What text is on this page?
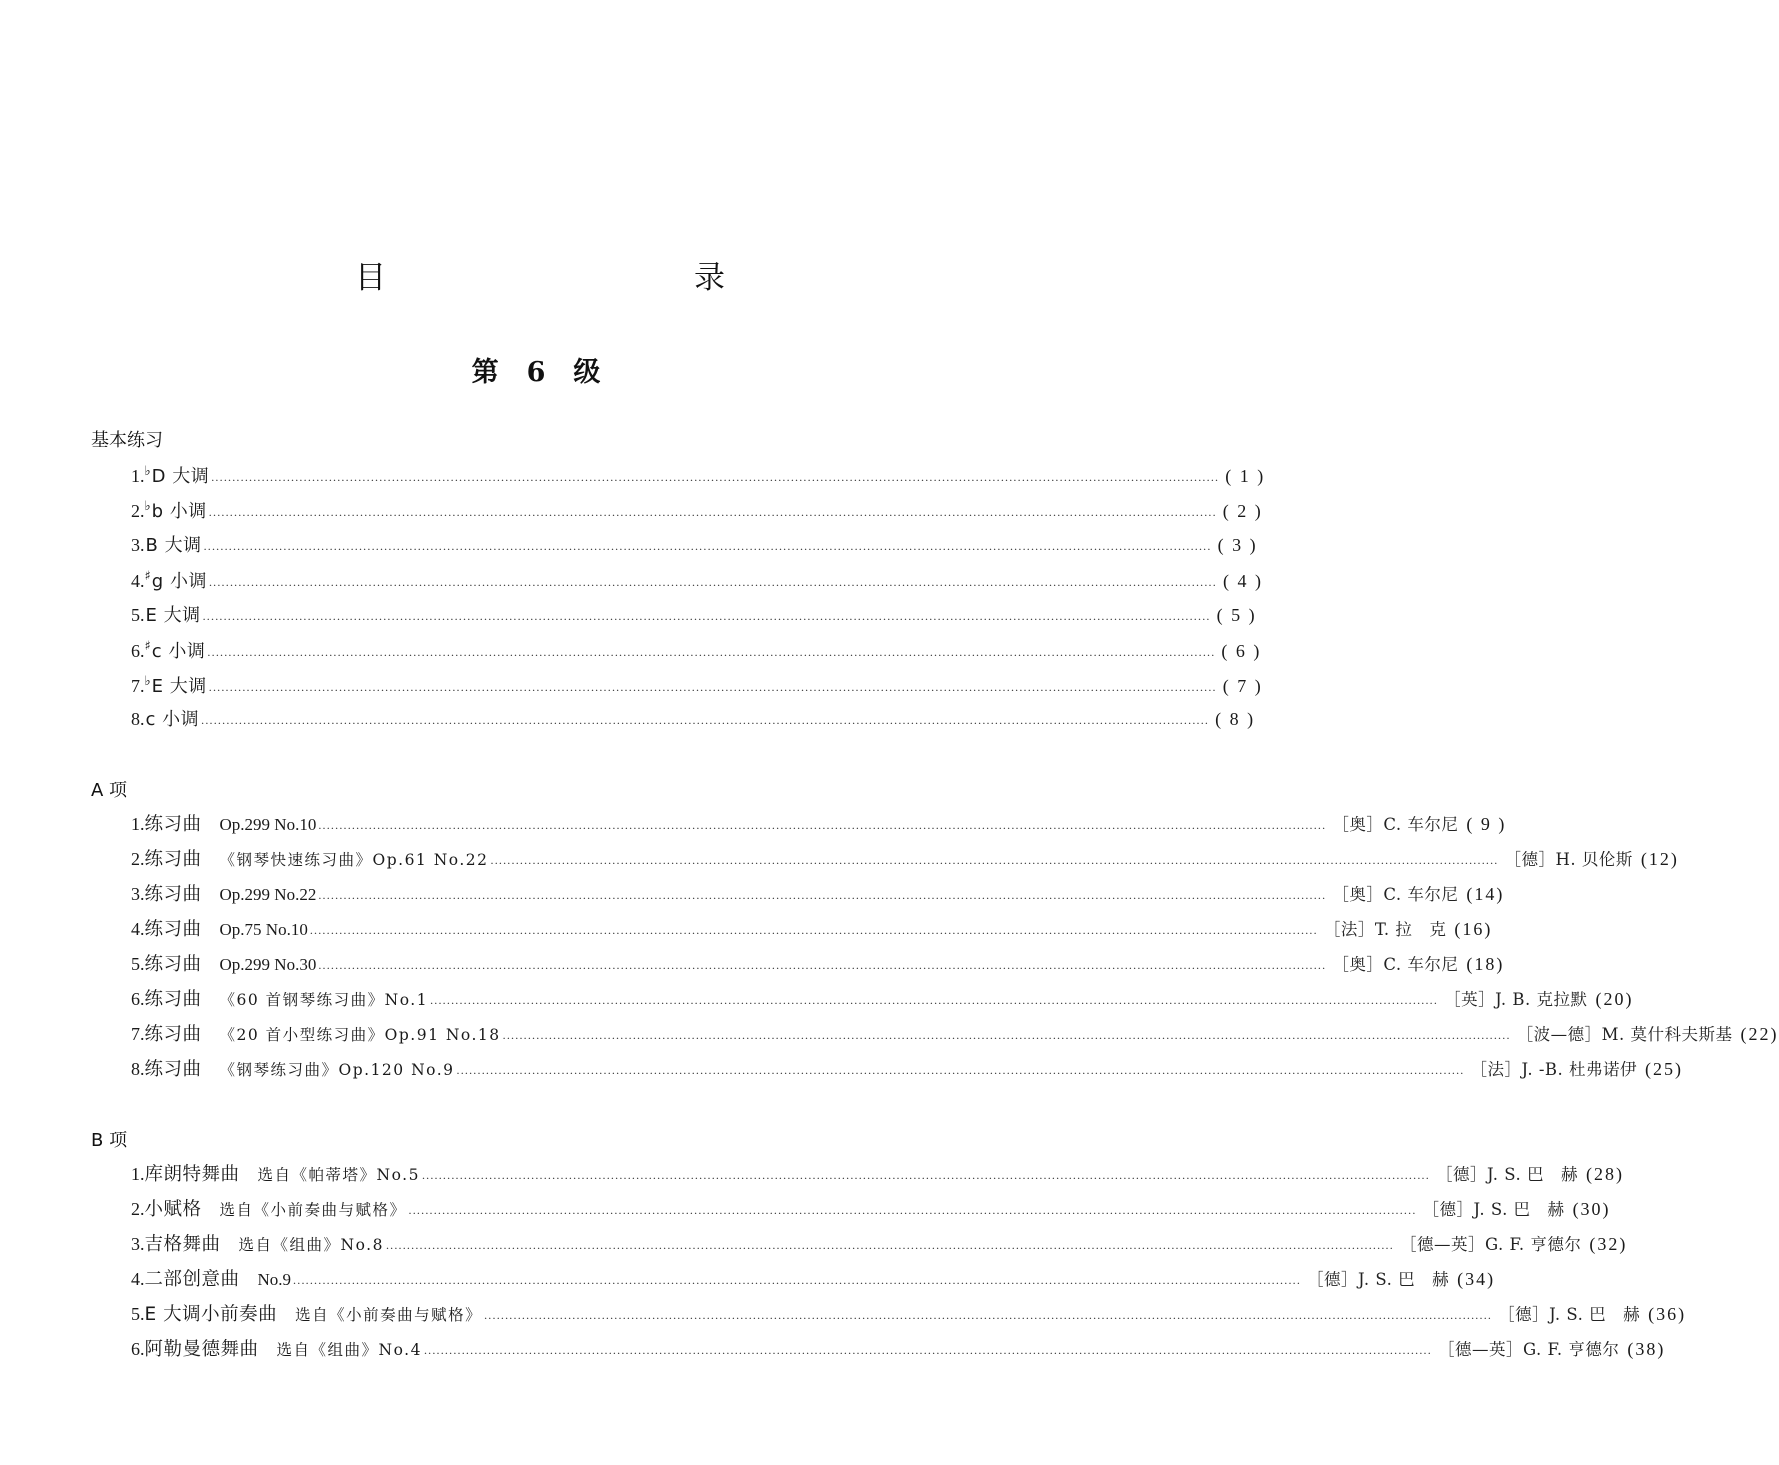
目　　录
第 6 级
基本练习
1. ♭ D 大调 ................................................................................................................................................................................................................................................ ( 1 )
2. ♭ b 小调 ................................................................................................................................................................................................................................................ ( 2 )
3. B 大调 ................................................................................................................................................................................................................................................ ( 3 )
4. ♯ g 小调 ................................................................................................................................................................................................................................................ ( 4 )
5. E 大调 ................................................................................................................................................................................................................................................ ( 5 )
6. ♯ c 小调 ................................................................................................................................................................................................................................................ ( 6 )
7. ♭ E 大调 ................................................................................................................................................................................................................................................ ( 7 )
8. c 小调 ................................................................................................................................................................................................................................................ ( 8 )
A 项
1. 练习曲 Op.299 No.10 ................................................................................................................................................................................................................................................ ［奥］C. 车尔尼 ( 9 )
2. 练习曲 《钢琴快速练习曲》Op.61 No.22 ................................................................................................................................................................................................................................................ ［德］H. 贝伦斯 (12)
3. 练习曲 Op.299 No.22 ................................................................................................................................................................................................................................................ ［奥］C. 车尔尼 (14)
4. 练习曲 Op.75 No.10 ................................................................................................................................................................................................................................................ ［法］T. 拉　克 (16)
5. 练习曲 Op.299 No.30 ................................................................................................................................................................................................................................................ ［奥］C. 车尔尼 (18)
6. 练习曲 《60 首钢琴练习曲》No.1 ................................................................................................................................................................................................................................................ ［英］J. B. 克拉默 (20)
7. 练习曲 《20 首小型练习曲》Op.91 No.18 ................................................................................................................................................................................................................................................ ［波—德］M. 莫什科夫斯基 (22)
8. 练习曲 《钢琴练习曲》Op.120 No.9 ................................................................................................................................................................................................................................................ ［法］J. -B. 杜弗诺伊 (25)
B 项
1. 库朗特舞曲 选自《帕蒂塔》No.5 ................................................................................................................................................................................................................................................ ［德］J. S. 巴　赫 (28)
2. 小赋格 选自《小前奏曲与赋格》 ................................................................................................................................................................................................................................................ ［德］J. S. 巴　赫 (30)
3. 吉格舞曲 选自《组曲》No.8 ................................................................................................................................................................................................................................................ ［德—英］G. F. 亨德尔 (32)
4. 二部创意曲 No.9 ................................................................................................................................................................................................................................................ ［德］J. S. 巴　赫 (34)
5. E 大调小前奏曲 选自《小前奏曲与赋格》 ................................................................................................................................................................................................................................................ ［德］J. S. 巴　赫 (36)
6. 阿勒曼德舞曲 选自《组曲》No.4 ................................................................................................................................................................................................................................................ ［德—英］G. F. 亨德尔 (38)
